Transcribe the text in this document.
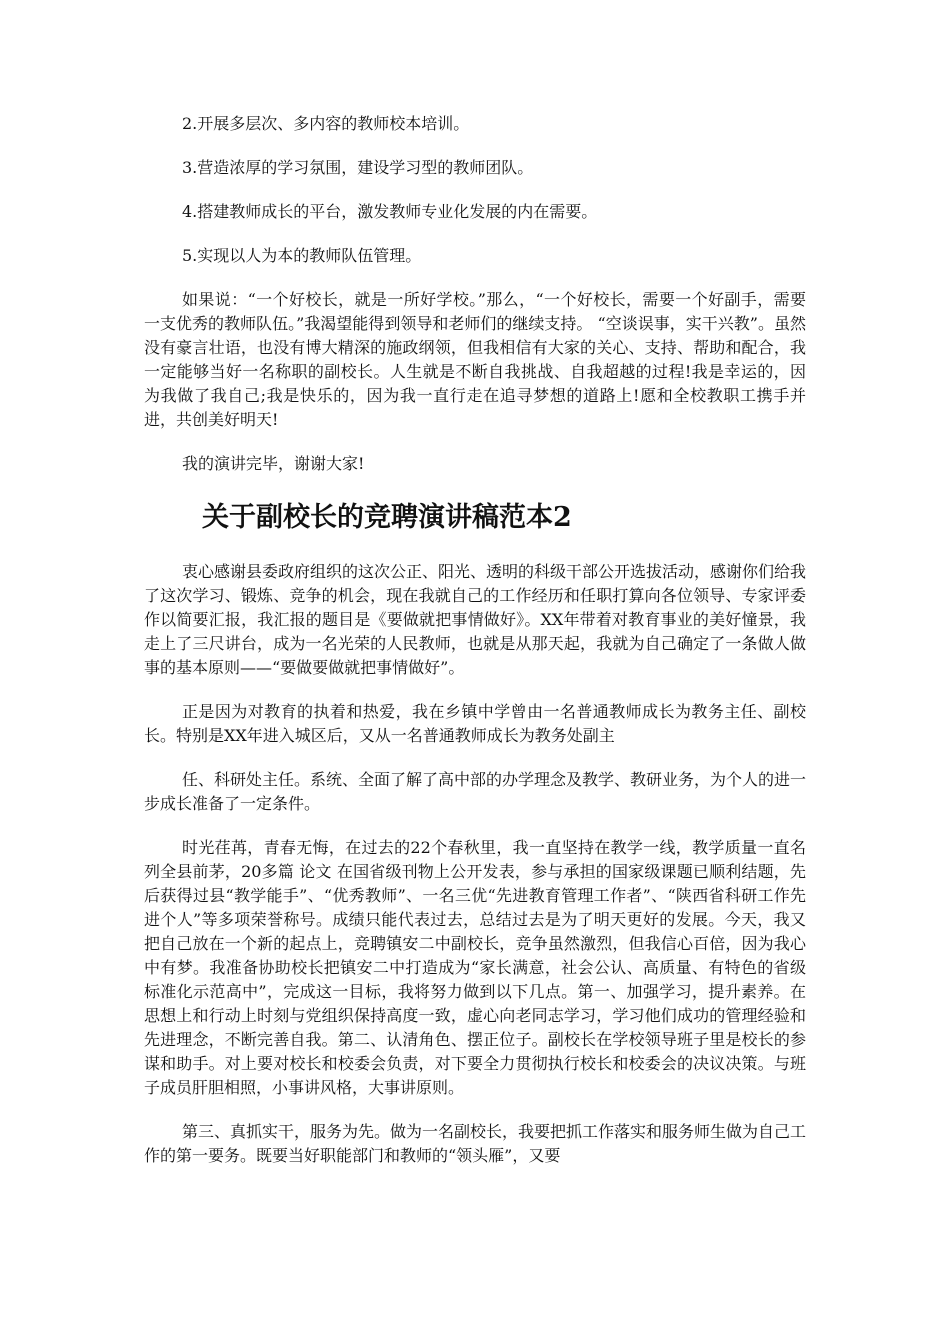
2.开展多层次、多内容的教师校本培训。

3.营造浓厚的学习氛围，建设学习型的教师团队。

4.搭建教师成长的平台，激发教师专业化发展的内在需要。

5.实现以人为本的教师队伍管理。

如果说：“一个好校长，就是一所好学校。”那么，“一个好校长，需要一个好副手，需要一支优秀的教师队伍。”我渴望能得到领导和老师们的继续支持。 “空谈误事，实干兴教”。虽然没有豪言壮语，也没有博大精深的施政纲领，但我相信有大家的关心、支持、帮助和配合，我一定能够当好一名称职的副校长。人生就是不断自我挑战、自我超越的过程!我是幸运的，因为我做了我自己;我是快乐的，因为我一直行走在追寻梦想的道路上!愿和全校教职工携手并进，共创美好明天!

我的演讲完毕，谢谢大家!

关于副校长的竞聘演讲稿范本2

衷心感谢县委政府组织的这次公正、阳光、透明的科级干部公开选拔活动，感谢你们给我了这次学习、锻炼、竞争的机会，现在我就自己的工作经历和任职打算向各位领导、专家评委作以简要汇报，我汇报的题目是《要做就把事情做好》。XX年带着对教育事业的美好憧景，我走上了三尺讲台，成为一名光荣的人民教师，也就是从那天起，我就为自己确定了一条做人做事的基本原则——“要做要做就把事情做好”。

正是因为对教育的执着和热爱，我在乡镇中学曾由一名普通教师成长为教务主任、副校长。特别是XX年进入城区后，又从一名普通教师成长为教务处副主

任、科研处主任。系统、全面了解了高中部的办学理念及教学、教研业务，为个人的进一步成长准备了一定条件。

时光荏苒，青春无悔，在过去的22个春秋里，我一直坚持在教学一线，教学质量一直名列全县前茅，20多篇 论文 在国省级刊物上公开发表，参与承担的国家级课题已顺利结题，先后获得过县“教学能手”、“优秀教师”、一名三优“先进教育管理工作者”、“陕西省科研工作先进个人”等多项荣誉称号。成绩只能代表过去，总结过去是为了明天更好的发展。今天，我又把自己放在一个新的起点上，竞聘镇安二中副校长，竞争虽然激烈，但我信心百倍，因为我心中有梦。我准备协助校长把镇安二中打造成为“家长满意，社会公认、高质量、有特色的省级标准化示范高中”，完成这一目标，我将努力做到以下几点。第一、加强学习，提升素养。在思想上和行动上时刻与党组织保持高度一致，虚心向老同志学习，学习他们成功的管理经验和先进理念，不断完善自我。第二、认清角色、摆正位子。副校长在学校领导班子里是校长的参谋和助手。对上要对校长和校委会负责，对下要全力贯彻执行校长和校委会的决议决策。与班子成员肝胆相照，小事讲风格，大事讲原则。

第三、真抓实干，服务为先。做为一名副校长，我要把抓工作落实和服务师生做为自己工作的第一要务。既要当好职能部门和教师的“领头雁”，又要
